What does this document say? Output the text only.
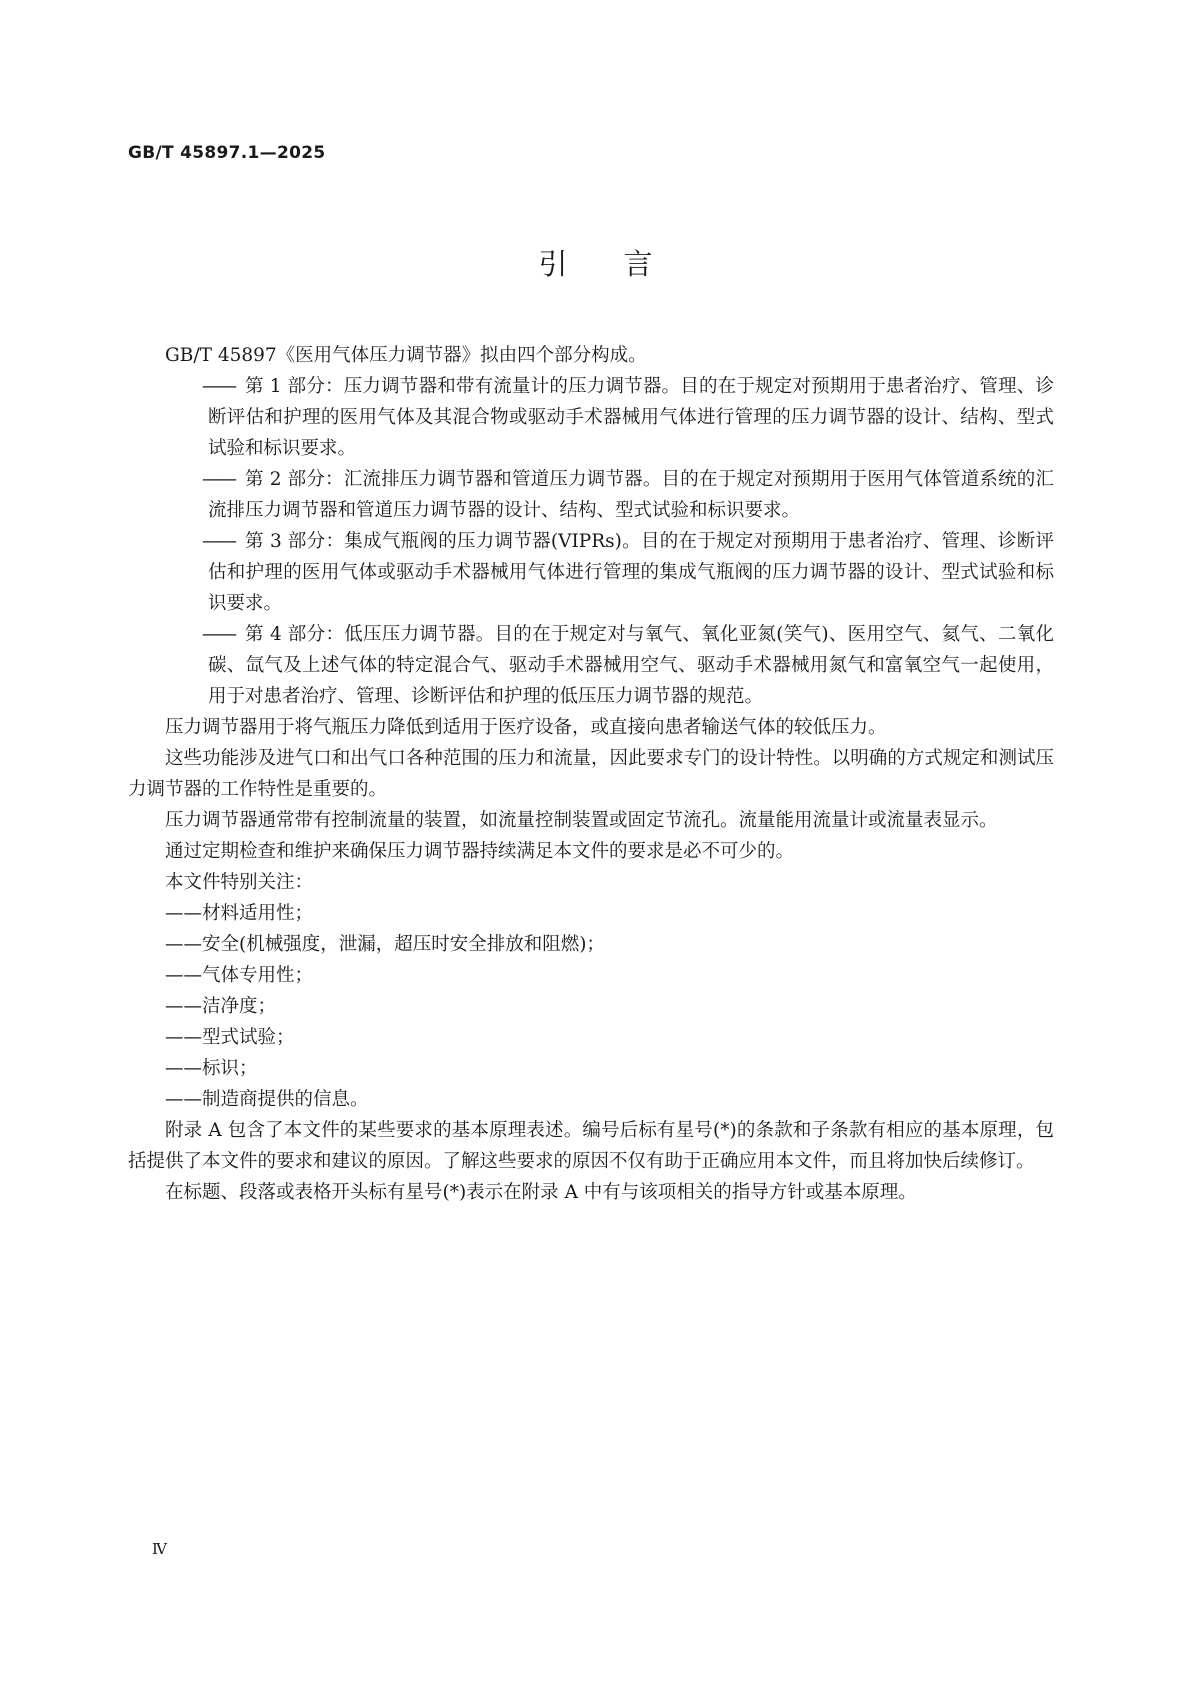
GB/T 45897.1—2025
引言

GB/T 45897《医用气体压力调节器》拟由四个部分构成。

—— 第 1 部分：压力调节器和带有流量计的压力调节器。目的在于规定对预期用于患者治疗、管理、诊断评估和护理的医用气体及其混合物或驱动手术器械用气体进行管理的压力调节器的设计、结构、型式试验和标识要求。

—— 第 2 部分：汇流排压力调节器和管道压力调节器。目的在于规定对预期用于医用气体管道系统的汇流排压力调节器和管道压力调节器的设计、结构、型式试验和标识要求。

—— 第 3 部分：集成气瓶阀的压力调节器(VIPRs)。目的在于规定对预期用于患者治疗、管理、诊断评估和护理的医用气体或驱动手术器械用气体进行管理的集成气瓶阀的压力调节器的设计、型式试验和标识要求。

—— 第 4 部分：低压压力调节器。目的在于规定对与氧气、氧化亚氮(笑气)、医用空气、氦气、二氧化碳、氙气及上述气体的特定混合气、驱动手术器械用空气、驱动手术器械用氮气和富氧空气一起使用，用于对患者治疗、管理、诊断评估和护理的低压压力调节器的规范。

压力调节器用于将气瓶压力降低到适用于医疗设备，或直接向患者输送气体的较低压力。

这些功能涉及进气口和出气口各种范围的压力和流量，因此要求专门的设计特性。以明确的方式规定和测试压力调节器的工作特性是重要的。

压力调节器通常带有控制流量的装置，如流量控制装置或固定节流孔。流量能用流量计或流量表显示。

通过定期检查和维护来确保压力调节器持续满足本文件的要求是必不可少的。

本文件特别关注：

——材料适用性；

——安全(机械强度，泄漏，超压时安全排放和阻燃)；

——气体专用性；

——洁净度；

——型式试验；

——标识；

——制造商提供的信息。

附录 A 包含了本文件的某些要求的基本原理表述。编号后标有星号(*)的条款和子条款有相应的基本原理，包括提供了本文件的要求和建议的原因。了解这些要求的原因不仅有助于正确应用本文件，而且将加快后续修订。

在标题、段落或表格开头标有星号(*)表示在附录 A 中有与该项相关的指导方针或基本原理。

Ⅳ
